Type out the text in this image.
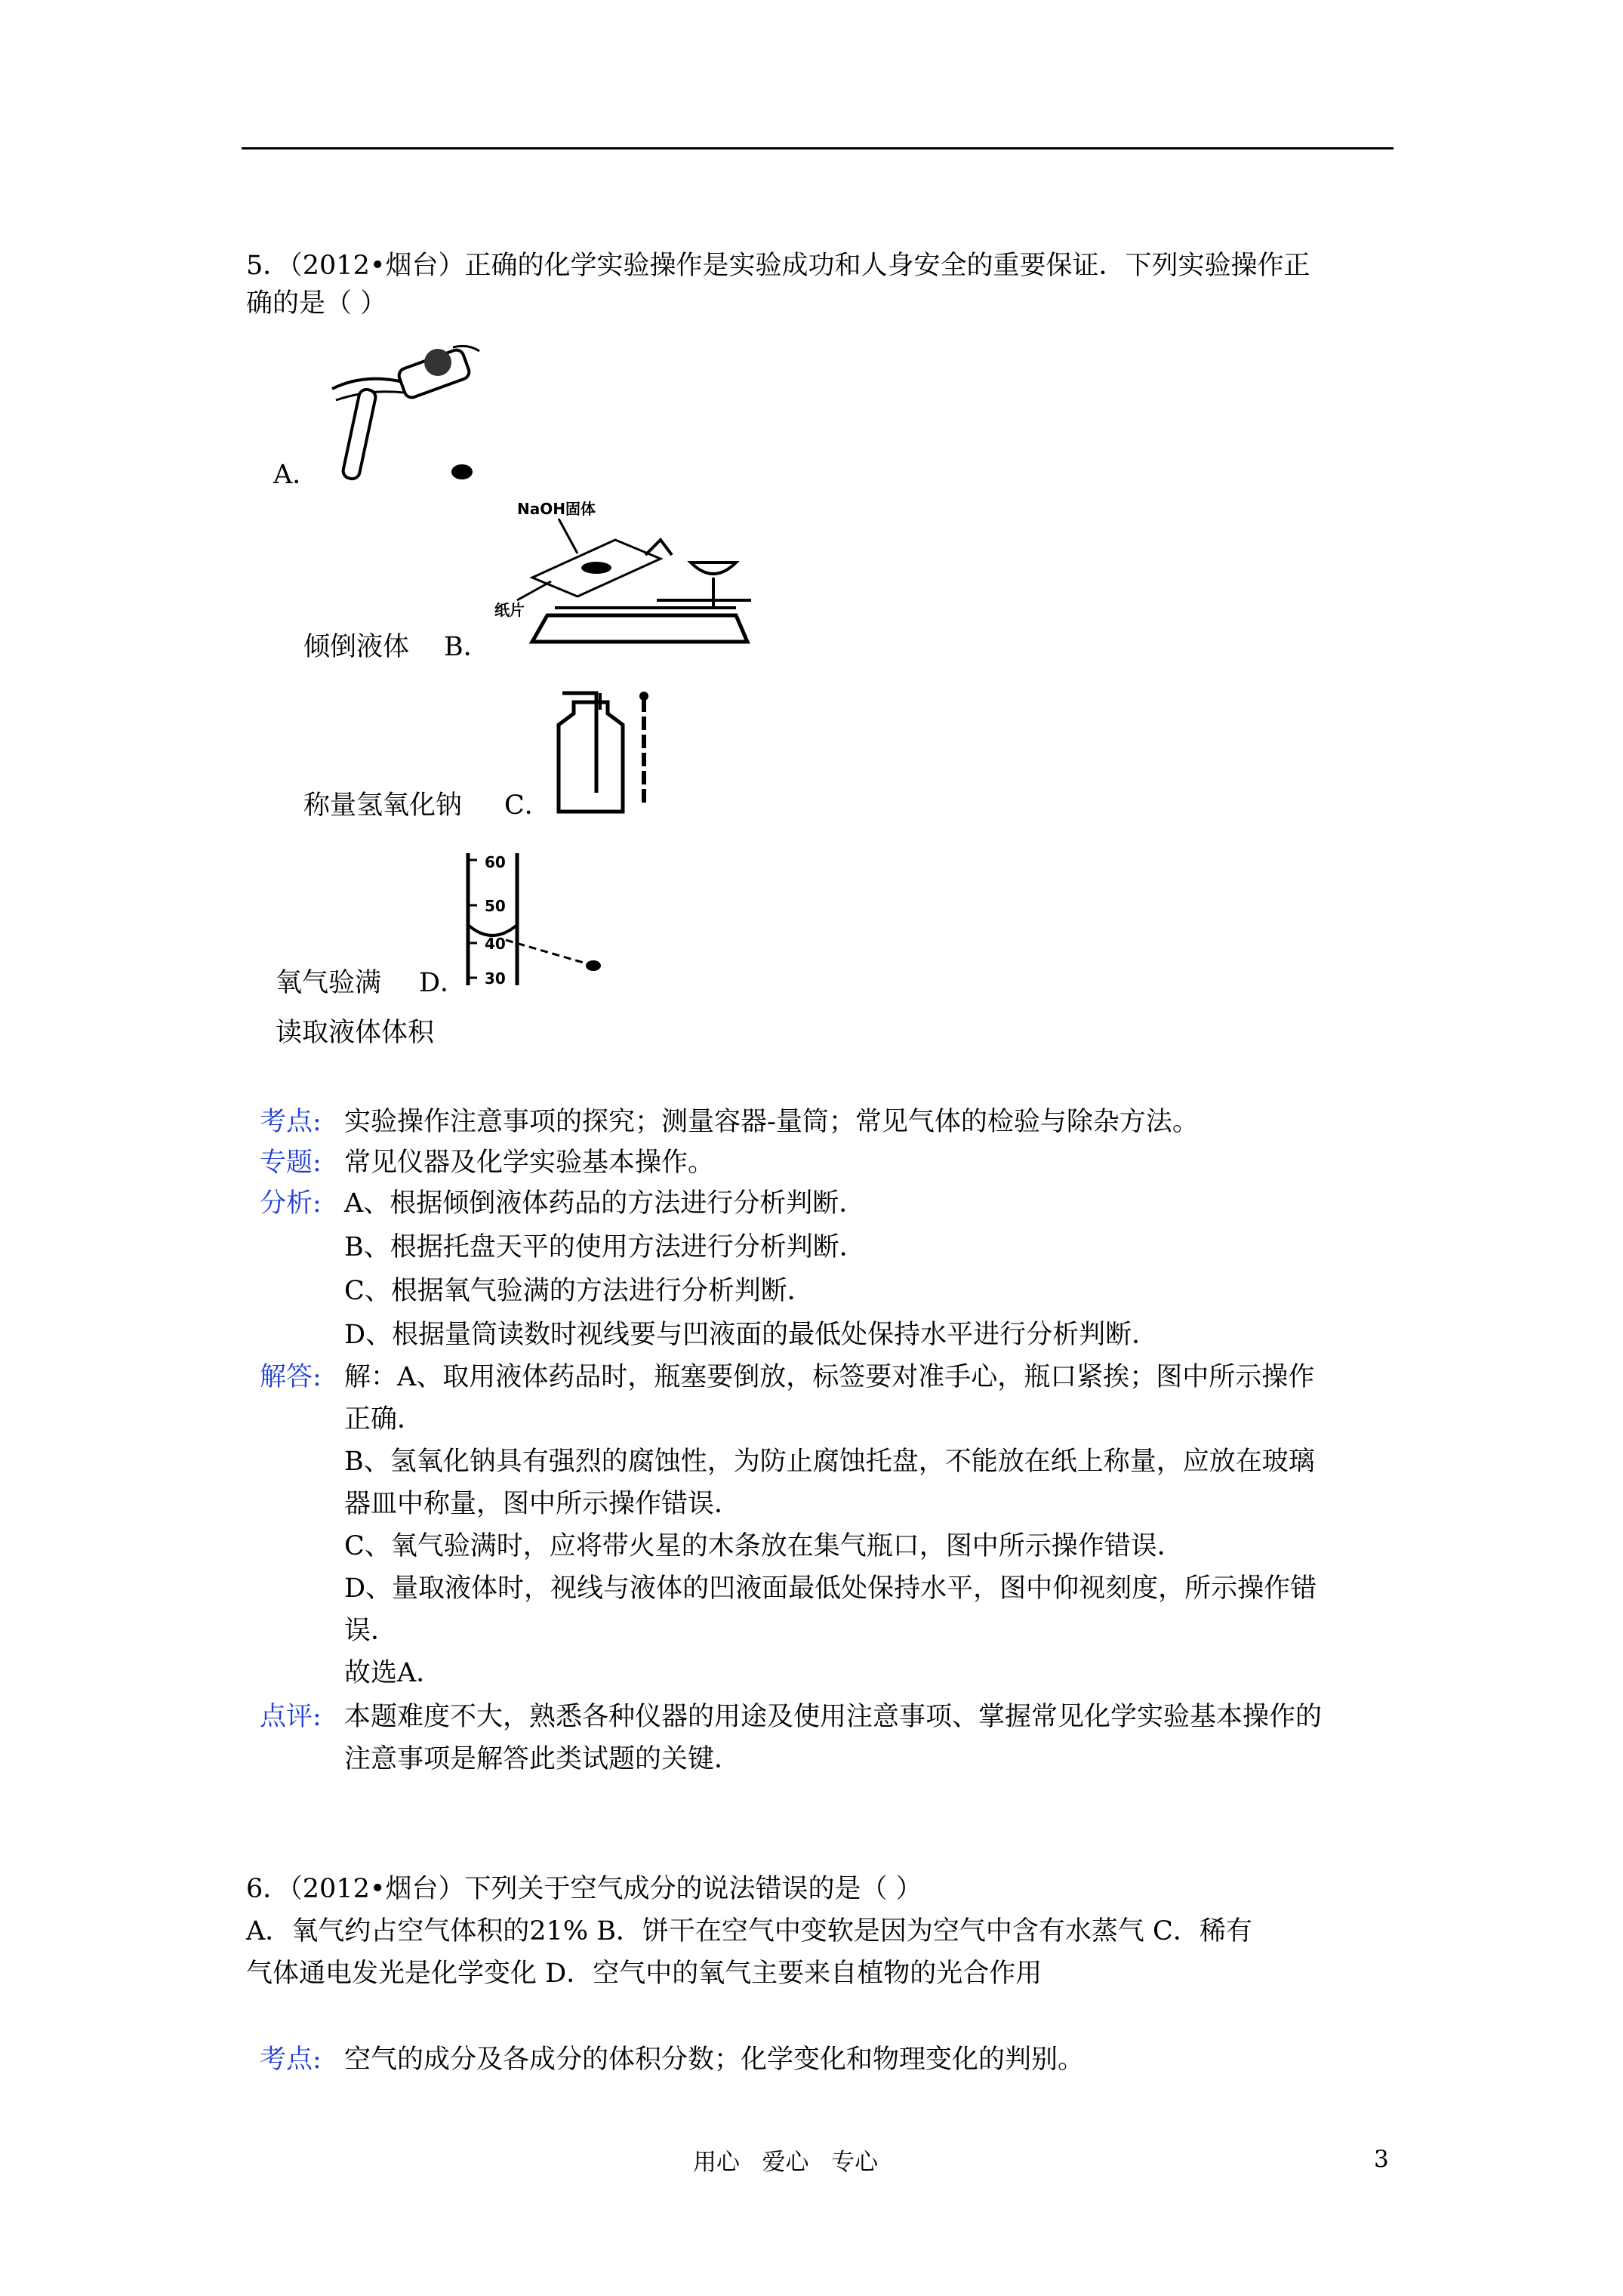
5．（2012•烟台）正确的化学实验操作是实验成功和人身安全的重要保证．下列实验操作正
确的是（ ）
A．
NaOH固体
纸片
倾倒液体 B．
称量氢氧化钠 C．
60
50
40
30
氧气验满 D．
读取液体体积
考点: 实验操作注意事项的探究；测量容器-量筒；常见气体的检验与除杂方法。
专题: 常见仪器及化学实验基本操作。
分析: A、根据倾倒液体药品的方法进行分析判断．
B、根据托盘天平的使用方法进行分析判断．
C、根据氧气验满的方法进行分析判断．
D、根据量筒读数时视线要与凹液面的最低处保持水平进行分析判断．
解答: 解：A、取用液体药品时，瓶塞要倒放，标签要对准手心，瓶口紧挨；图中所示操作
正确．
B、氢氧化钠具有强烈的腐蚀性，为防止腐蚀托盘，不能放在纸上称量，应放在玻璃
器皿中称量，图中所示操作错误．
C、氧气验满时，应将带火星的木条放在集气瓶口，图中所示操作错误．
D、量取液体时，视线与液体的凹液面最低处保持水平，图中仰视刻度，所示操作错
误．
故选A．
点评: 本题难度不大，熟悉各种仪器的用途及使用注意事项、掌握常见化学实验基本操作的
注意事项是解答此类试题的关键．
6．（2012•烟台）下列关于空气成分的说法错误的是（ ）
A．氧气约占空气体积的21% B．饼干在空气中变软是因为空气中含有水蒸气 C．稀有
气体通电发光是化学变化 D．空气中的氧气主要来自植物的光合作用
考点: 空气的成分及各成分的体积分数；化学变化和物理变化的判别。
用心   爱心   专心	3
